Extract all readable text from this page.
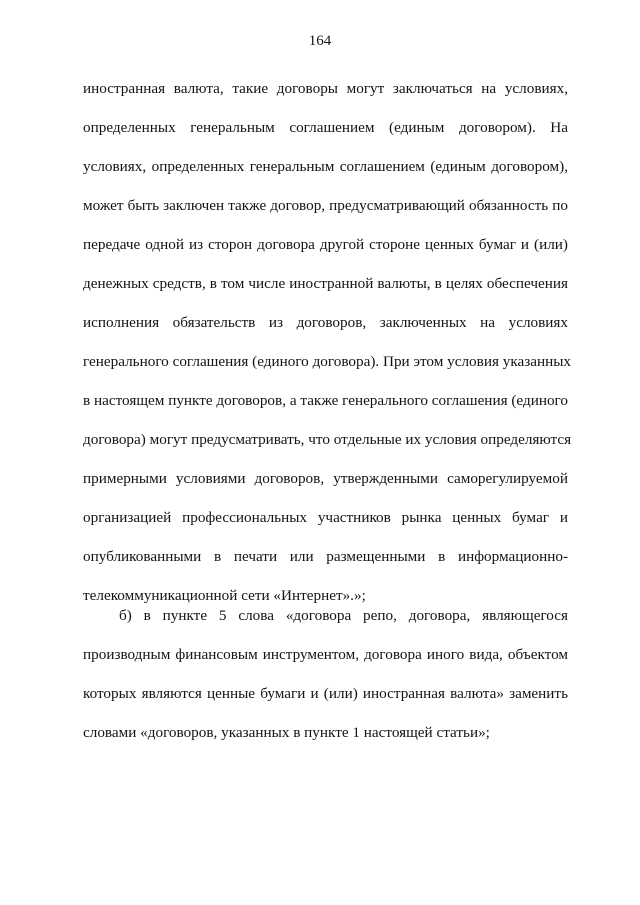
164
иностранная валюта, такие договоры могут заключаться на условиях,
определенных генеральным соглашением (единым договором). На
условиях, определенных генеральным соглашением (единым договором),
может быть заключен также договор, предусматривающий обязанность по
передаче одной из сторон договора другой стороне ценных бумаг и (или)
денежных средств, в том числе иностранной валюты, в целях обеспечения
исполнения обязательств из договоров, заключенных на условиях
генерального соглашения (единого договора). При этом условия указанных
в настоящем пункте договоров, а также генерального соглашения (единого
договора) могут предусматривать, что отдельные их условия определяются
примерными условиями договоров, утвержденными саморегулируемой
организацией профессиональных участников рынка ценных бумаг и
опубликованными в печати или размещенными в информационно-
телекоммуникационной сети «Интернет».»;
б) в пункте 5 слова «договора репо, договора, являющегося
производным финансовым инструментом, договора иного вида, объектом
которых являются ценные бумаги и (или) иностранная валюта» заменить
словами «договоров, указанных в пункте 1 настоящей статьи»;
